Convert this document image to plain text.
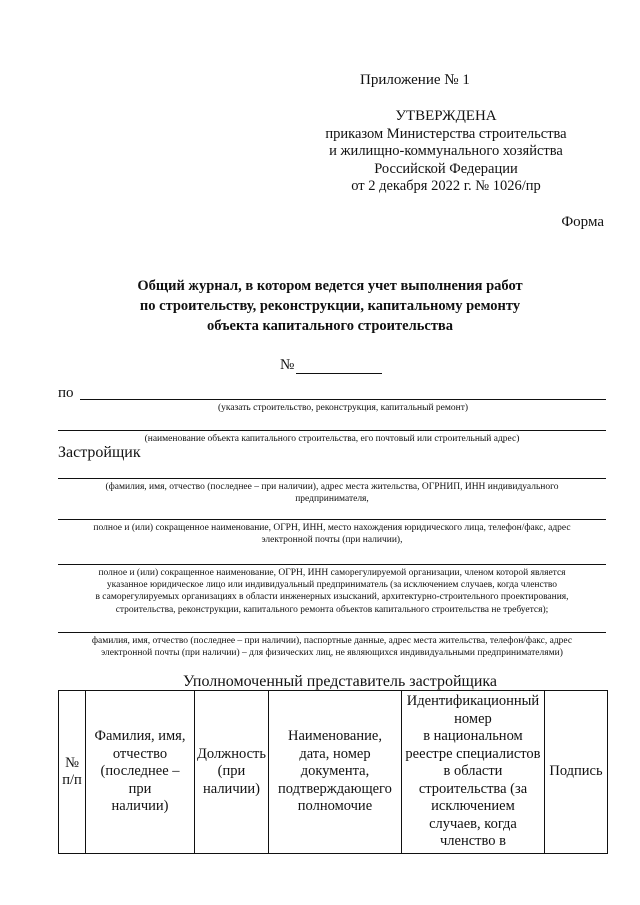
Приложение № 1
УТВЕРЖДЕНА
приказом Министерства строительства
и жилищно-коммунального хозяйства
Российской Федерации
от 2 декабря 2022 г. № 1026/пр
Форма
Общий журнал, в котором ведется учет выполнения работ
по строительству, реконструкции, капитальному ремонту
объекта капитального строительства
№
по
(указать строительство, реконструкция, капитальный ремонт)
(наименование объекта капитального строительства, его почтовый или строительный адрес)
Застройщик
(фамилия, имя, отчество (последнее – при наличии), адрес места жительства, ОГРНИП, ИНН индивидуального
предпринимателя,
полное и (или) сокращенное наименование, ОГРН, ИНН, место нахождения юридического лица, телефон/факс, адрес
электронной почты (при наличии),
полное и (или) сокращенное наименование, ОГРН, ИНН саморегулируемой организации, членом которой является
указанное юридическое лицо или индивидуальный предприниматель (за исключением случаев, когда членство
в саморегулируемых организациях в области инженерных изысканий, архитектурно-строительного проектирования,
строительства, реконструкции, капитального ремонта объектов капитального строительства не требуется);
фамилия, имя, отчество (последнее – при наличии), паспортные данные, адрес места жительства, телефон/факс, адрес
электронной почты (при наличии) – для физических лиц, не являющихся индивидуальными предпринимателями)
Уполномоченный представитель застройщика
№
п/п

Фамилия, имя,
отчество
(последнее – при
наличии)

Должность
(при
наличии)

Наименование,
дата, номер
документа,
подтверждающего
полномочие

Идентификационный
номер
в национальном
реестре специалистов
в области
строительства (за
исключением
случаев, когда
членство в

Подпись
